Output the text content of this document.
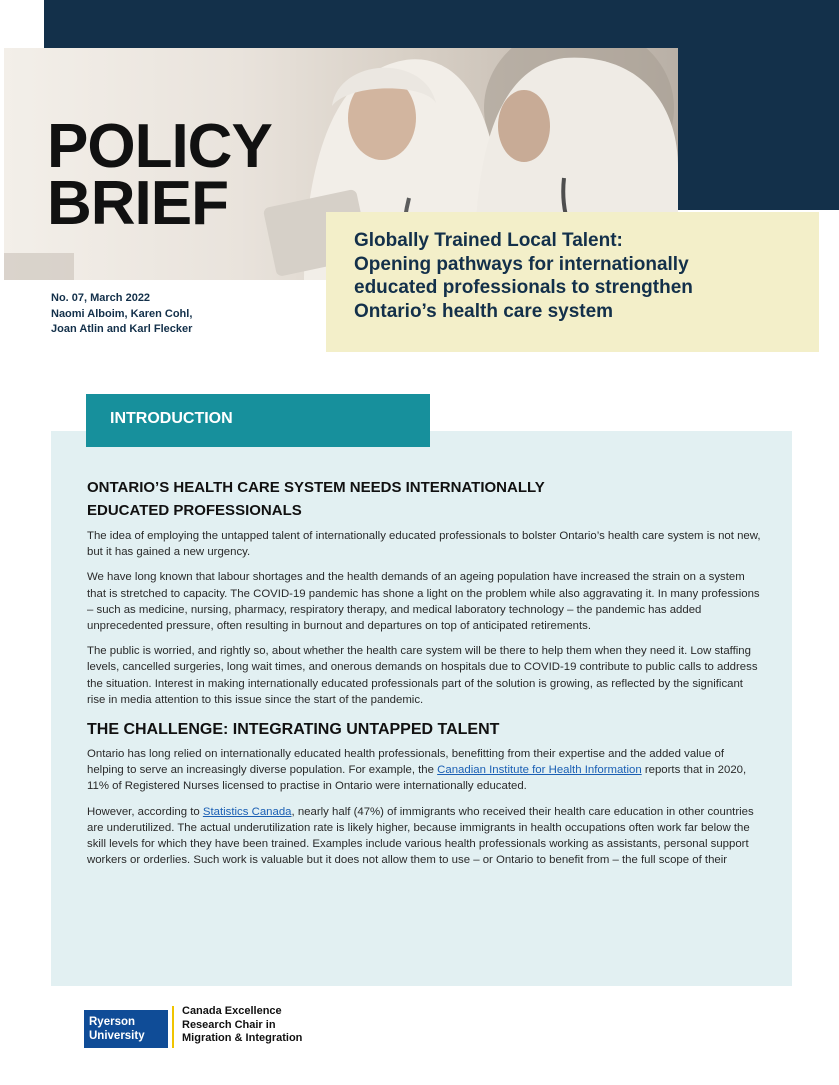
POLICY
BRIEF
No. 07, March 2022
Naomi Alboim, Karen Cohl,
Joan Atlin and Karl Flecker

Globally Trained Local Talent:

Opening pathways for internationally

educated professionals to strengthen

Ontario’s health care system

INTRODUCTION
ONTARIO’S HEALTH CARE SYSTEM NEEDS INTERNATIONALLY
EDUCATED PROFESSIONALS

The idea of employing the untapped talent of internationally educated professionals to bolster Ontario’s health care system is not new, but it has gained a new urgency.

We have long known that labour shortages and the health demands of an ageing population have increased the strain on a system that is stretched to capacity. The COVID-19 pandemic has shone a light on the problem while also aggravating it. In many professions – such as medicine, nursing, pharmacy, respiratory therapy, and medical laboratory technology – the pandemic has added unprecedented pressure, often resulting in burnout and departures on top of anticipated retirements.

The public is worried, and rightly so, about whether the health care system will be there to help them when they need it. Low staffing levels, cancelled surgeries, long wait times, and onerous demands on hospitals due to COVID-19 contribute to public calls to address the situation. Interest in making internationally educated professionals part of the solution is growing, as reflected by the significant rise in media attention to this issue since the start of the pandemic.

THE CHALLENGE: INTEGRATING UNTAPPED TALENT

Ontario has long relied on internationally educated health professionals, benefitting from their expertise and the added value of helping to serve an increasingly diverse population. For example, the Canadian Institute for Health Information reports that in 2020, 11% of Registered Nurses licensed to practise in Ontario were internationally educated.

However, according to Statistics Canada, nearly half (47%) of immigrants who received their health care education in other countries are underutilized. The actual underutilization rate is likely higher, because immigrants in health occupations often work far below the skill levels for which they have been trained. Examples include various health professionals working as assistants, personal support workers or orderlies. Such work is valuable but it does not allow them to use – or Ontario to benefit from – the full scope of their

Ryerson
University
Canada Excellence
Research Chair in
Migration & Integration
